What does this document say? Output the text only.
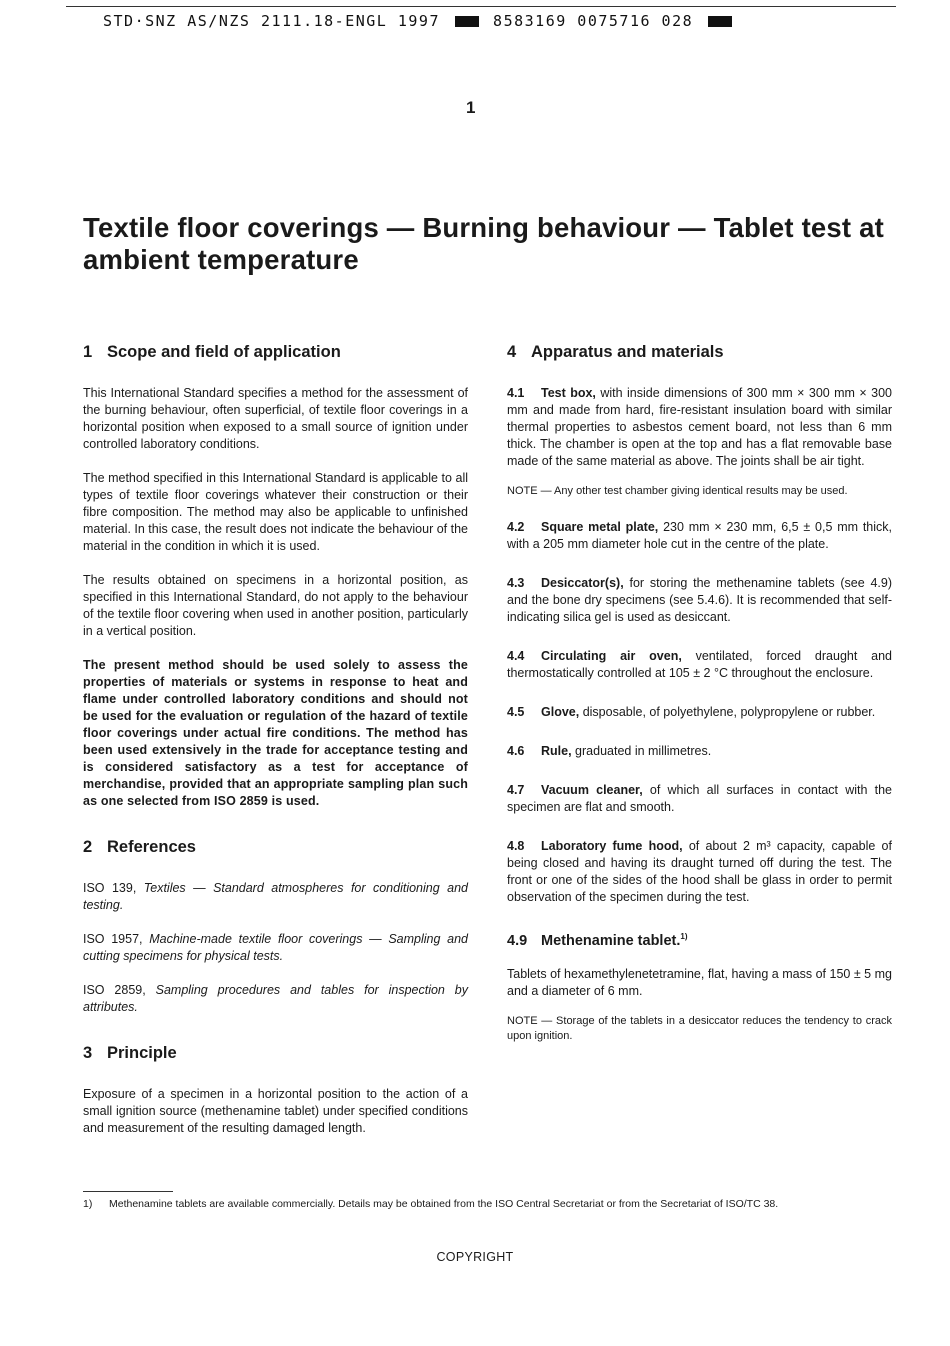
STD·SNZ AS/NZS 2111.18-ENGL 1997	8583169 0075716 028
1
Textile floor coverings — Burning behaviour — Tablet test at ambient temperature
1 Scope and field of application

This International Standard specifies a method for the assessment of the burning behaviour, often superficial, of textile floor coverings in a horizontal position when exposed to a small source of ignition under controlled laboratory conditions.

The method specified in this International Standard is applicable to all types of textile floor coverings whatever their construction or their fibre composition. The method may also be applicable to unfinished material. In this case, the result does not indicate the behaviour of the material in the condition in which it is used.

The results obtained on specimens in a horizontal position, as specified in this International Standard, do not apply to the behaviour of the textile floor covering when used in another position, particularly in a vertical position.

The present method should be used solely to assess the properties of materials or systems in response to heat and flame under controlled laboratory conditions and should not be used for the evaluation or regulation of the hazard of textile floor coverings under actual fire conditions. The method has been used extensively in the trade for acceptance testing and is considered satisfactory as a test for acceptance of merchandise, provided that an appropriate sampling plan such as one selected from ISO 2859 is used.

2 References

ISO 139, Textiles — Standard atmospheres for conditioning and testing.

ISO 1957, Machine-made textile floor coverings — Sampling and cutting specimens for physical tests.

ISO 2859, Sampling procedures and tables for inspection by attributes.

3 Principle

Exposure of a specimen in a horizontal position to the action of a small ignition source (methenamine tablet) under specified conditions and measurement of the resulting damaged length.

4 Apparatus and materials

4.1 Test box, with inside dimensions of 300 mm × 300 mm × 300 mm and made from hard, fire-resistant insulation board with similar thermal properties to asbestos cement board, not less than 6 mm thick. The chamber is open at the top and has a flat removable base made of the same material as above. The joints shall be air tight.

NOTE — Any other test chamber giving identical results may be used.

4.2 Square metal plate, 230 mm × 230 mm, 6,5 ± 0,5 mm thick, with a 205 mm diameter hole cut in the centre of the plate.

4.3 Desiccator(s), for storing the methenamine tablets (see 4.9) and the bone dry specimens (see 5.4.6). It is recommended that self-indicating silica gel is used as desiccant.

4.4 Circulating air oven, ventilated, forced draught and thermostatically controlled at 105 ± 2 °C throughout the enclosure.

4.5 Glove, disposable, of polyethylene, polypropylene or rubber.

4.6 Rule, graduated in millimetres.

4.7 Vacuum cleaner, of which all surfaces in contact with the specimen are flat and smooth.

4.8 Laboratory fume hood, of about 2 m³ capacity, capable of being closed and having its draught turned off during the test. The front or one of the sides of the hood shall be glass in order to permit observation of the specimen during the test.

4.9 Methenamine tablet.$^{1)}$

Tablets of hexamethylenetetramine, flat, having a mass of 150 ± 5 mg and a diameter of 6 mm.

NOTE — Storage of the tablets in a desiccator reduces the tendency to crack upon ignition.

1) Methenamine tablets are available commercially. Details may be obtained from the ISO Central Secretariat or from the Secretariat of ISO/TC 38.
COPYRIGHT
